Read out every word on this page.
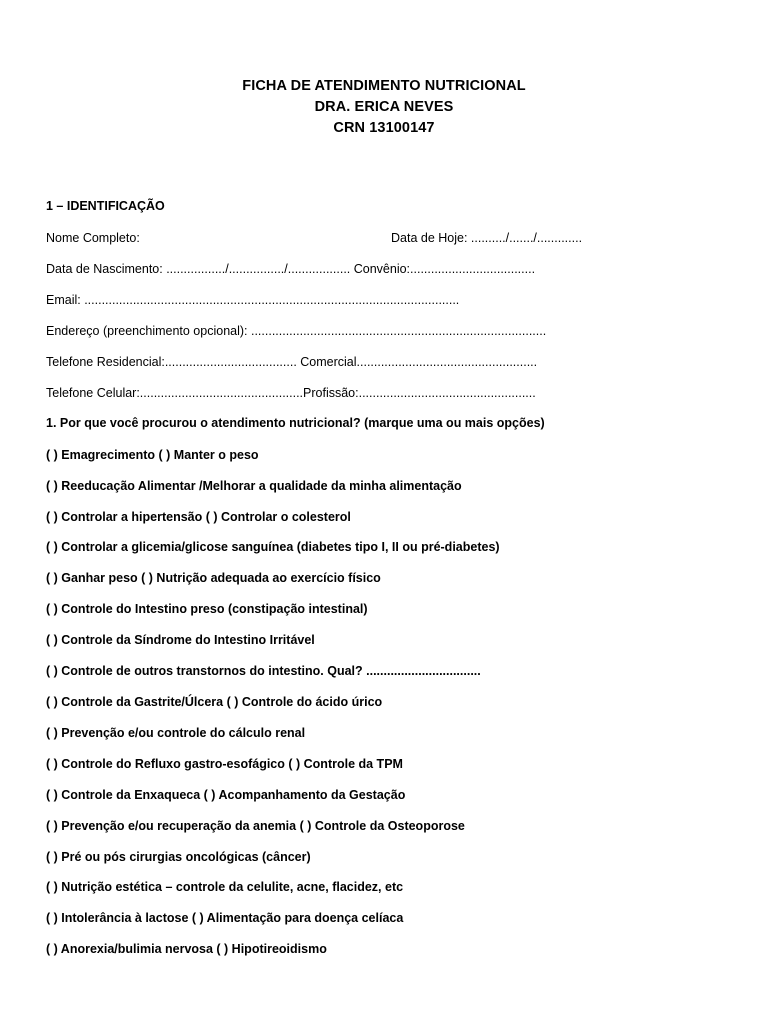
FICHA DE ATENDIMENTO NUTRICIONAL
DRA. ERICA NEVES
CRN 13100147
1 – IDENTIFICAÇÃO
Nome Completo:	Data de Hoje: ........../......./.............
Data de Nascimento: ................./................/.................. Convênio:....................................
Email: ............................................................................................................
Endereço (preenchimento opcional): .....................................................................................
Telefone Residencial:...................................... Comercial....................................................
Telefone Celular:...............................................Profissão:...................................................
1. Por que você procurou o atendimento nutricional? (marque uma ou mais opções)
( ) Emagrecimento ( ) Manter o peso
( ) Reeducação Alimentar /Melhorar a qualidade da minha alimentação
( ) Controlar a hipertensão ( ) Controlar o colesterol
( ) Controlar a glicemia/glicose sanguínea (diabetes tipo I, II ou pré-diabetes)
( ) Ganhar peso ( ) Nutrição adequada ao exercício físico
( ) Controle do Intestino preso (constipação intestinal)
( ) Controle da Síndrome do Intestino Irritável
( ) Controle de outros transtornos do intestino. Qual? .................................
( ) Controle da Gastrite/Úlcera ( ) Controle do ácido úrico
( ) Prevenção e/ou controle do cálculo renal
( ) Controle do Refluxo gastro-esofágico ( ) Controle da TPM
( ) Controle da Enxaqueca ( ) Acompanhamento da Gestação
( ) Prevenção e/ou recuperação da anemia ( ) Controle da Osteoporose
( ) Pré ou pós cirurgias oncológicas (câncer)
( ) Nutrição estética – controle da celulite, acne, flacidez, etc
( ) Intolerância à lactose ( ) Alimentação para doença celíaca
( ) Anorexia/bulimia nervosa ( ) Hipotireoidismo
